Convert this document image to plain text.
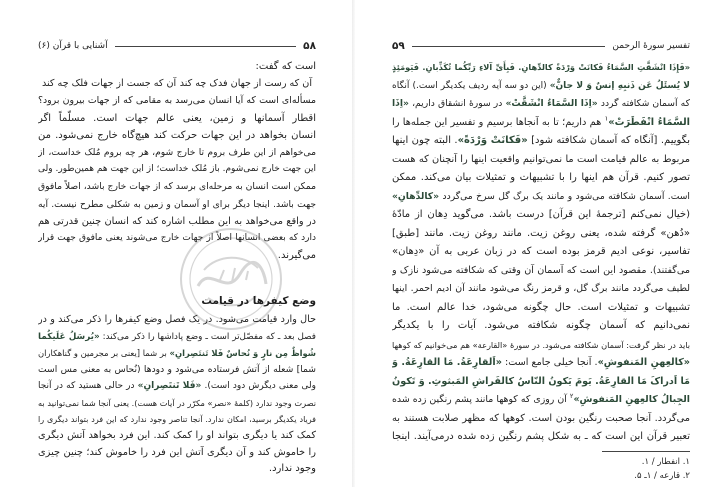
۵۸
آشنایی با قرآن (۶)
است که گفت:
آن که رست از جهان فدک چه کند
آن که جست از جهات فلک چه کند
مسأله‌ای است که آیا انسان می‌رسد به مقامی که از جهات بیرون برود؟
اقطار آسمانها و زمین، یعنی عالم جهات است. مسلّماً اگر
انسان بخواهد در این جهات حرکت کند هیچ‌گاه خارج نمی‌شود. من
می‌خواهم از این طرف بروم تا خارج شوم، هر چه بروم مُلک خداست، از
این جهت خارج نمی‌شوم. باز مُلک خداست؛ از این جهت هم همین‌طور. ولی
ممکن است انسان به مرحله‌ای برسد که از جهات خارج باشد، اصلاً مافوق
جهت باشد. اینجا دیگر برای او آسمان و زمین به شکلی مطرح نیست. آیه
در واقع می‌خواهد به این مطلب اشاره کند که انسان چنین قدرتی هم
دارد که بعضی انسانها اصلاً از جهات خارج می‌شوند یعنی مافوق جهت قرار
می‌گیرند.
وضع کیفرها در قیامت
حال وارد قیامت می‌شود. در یک فصل وضع کیفرها را ذکر می‌کند و در
فصل بعد ـ که مفصّل‌تر است ـ وضع پاداشها را ذکر می‌کند: «یُرسَلُ عَلَیکُما
شُواظٌ مِن نارٍ وَ نُحاسٌ فَلا تَنتَصِرانِ» بر شما [یعنی بر مجرمین و گناهکاران
شما] شعله از آتش فرستاده می‌شود و دودها (نُحاس به معنی مس است
ولی معنی دیگرش دود است). «فَلا تَنتَصِرانِ» در حالی هستید که در آنجا
نصرت وجود ندارد (کلمهٔ «نصر» مکرّر در آیات هست). یعنی آنجا شما نمی‌توانید به
فریاد یکدیگر برسید، امکان ندارد. آنجا تناصر وجود ندارد که این فرد بتواند دیگری را
کمک کند یا دیگری بتواند او را کمک کند. این فرد بخواهد آتش دیگری
را خاموش کند و آن دیگری آتش این فرد را خاموش کند؛ چنین چیزی
وجود ندارد.
تفسیر سورهٔ الرحمن
۵۹
«فَإِذَا انْشَقَّتِ السَّمَاءُ فَکانَتْ وَرْدَةً کالدِّهانِ. فَبِأَیِّ آلاءِ رَبِّکُما تُکَذِّبانِ. فَیَومَئِذٍ
لا یُسئَلُ عَن ذَنبِهِ إنسٌ وَ لا جانٌّ» (این دو سه آیه ردیف یکدیگر است.) آنگاه
که آسمان شکافته گردد «اِذَا السَّمَاءُ انْشَقَّتْ» در سورهٔ انشقاق داریم، «اِذَا
السَّمَاءُ انْفَطَرَتْ»$^۱$ هم داریم؛ تا به آنجاها برسیم و تفسیر این جمله‌ها را
بگوییم. [آنگاه که آسمان شکافته شود] «فَکانَتْ وَرْدَةً». البته چون اینها
مربوط به عالم قیامت است ما نمی‌توانیم واقعیت اینها را آنچنان که هست
تصور کنیم. قرآن هم اینها را با تشبیهات و تمثیلات بیان می‌کند. ممکن
است. آسمان شکافته می‌شود و مانند یک برگ گل سرخ می‌گردد «کالدِّهانِ»
(خیال نمی‌کنم [ترجمهٔ این قرآن] درست باشد. می‌گوید دِهان از مادّهٔ
«دُهن» گرفته شده، یعنی روغن زیت. مانند روغن زیت. مانند [طبق]
تفاسیر، نوعی ادیم قرمز بوده است که در زبان عربی به آن «دِهان»
می‌گفتند). مقصود این است که آسمان آن وقتی که شکافته می‌شود نازک و
لطیف می‌گردد مانند برگ گل، و قرمز رنگ می‌شود مانند آن ادیم احمر. اینها
تشبیهات و تمثیلات است. حال چگونه می‌شود، خدا عالم است. ما
نمی‌دانیم که آسمان چگونه شکافته می‌شود. آیات را با یکدیگر
باید در نظر گرفت: آسمان شکافته می‌شود. در سورهٔ «القارعة» هم می‌خوانیم که کوهها
«کالعِهنِ المَنفوشِ». آنجا خیلی جامع است: «اَلقارِعَةُ. مَا القارِعَةُ. وَ
مَا اَدراکَ مَا القارِعَةُ. یَومَ یَکونُ النّاسُ کالفَراشِ المَبثوثِ. وَ تَکونُ
الجِبالُ کالعِهنِ المَنفوشِ»$^۲$ آن روزی که کوهها مانند پشم رنگین زده شده
می‌گردد. آنجا صحبت رنگین بودن است. کوهها که مظهر صلابت هستند به
تعبیر قرآن این است که ـ به شکل پشم رنگین زده شده درمی‌آیند. اینجا
۱. انفطار / ۱.
۲. قارعه / ۱ـ ۵.
